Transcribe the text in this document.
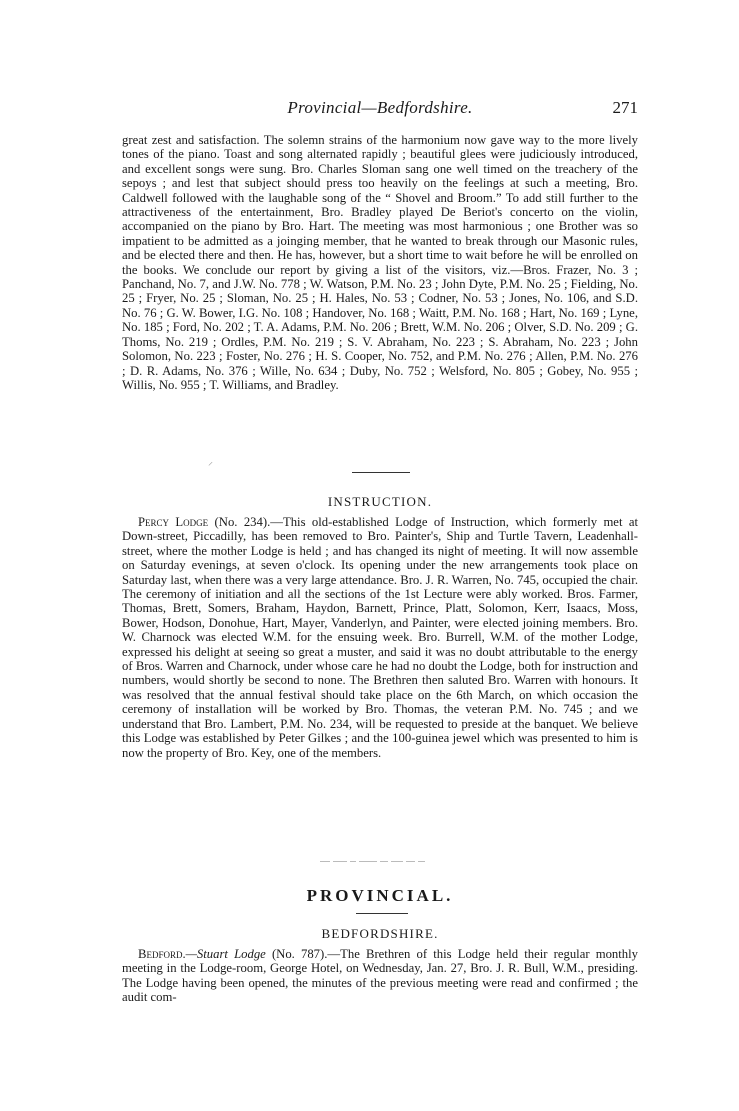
Provincial—Bedfordshire.	271

great zest and satisfaction. The solemn strains of the harmonium now gave way to the more lively tones of the piano. Toast and song alternated rapidly ; beautiful glees were judiciously introduced, and excellent songs were sung. Bro. Charles Sloman sang one well timed on the treachery of the sepoys ; and lest that subject should press too heavily on the feelings at such a meeting, Bro. Caldwell followed with the laughable song of the “ Shovel and Broom.” To add still further to the attractiveness of the entertainment, Bro. Bradley played De Beriot's concerto on the violin, accompanied on the piano by Bro. Hart. The meeting was most harmonious ; one Brother was so impatient to be admitted as a joinging member, that he wanted to break through our Masonic rules, and be elected there and then. He has, however, but a short time to wait before he will be enrolled on the books. We conclude our report by giving a list of the visitors, viz.—Bros. Frazer, No. 3 ; Panchand, No. 7, and J.W. No. 778 ; W. Watson, P.M. No. 23 ; John Dyte, P.M. No. 25 ; Fielding, No. 25 ; Fryer, No. 25 ; Sloman, No. 25 ; H. Hales, No. 53 ; Codner, No. 53 ; Jones, No. 106, and S.D. No. 76 ; G. W. Bower, I.G. No. 108 ; Handover, No. 168 ; Waitt, P.M. No. 168 ; Hart, No. 169 ; Lyne, No. 185 ; Ford, No. 202 ; T. A. Adams, P.M. No. 206 ; Brett, W.M. No. 206 ; Olver, S.D. No. 209 ; G. Thoms, No. 219 ; Ordles, P.M. No. 219 ; S. V. Abraham, No. 223 ; S. Abraham, No. 223 ; John Solomon, No. 223 ; Foster, No. 276 ; H. S. Cooper, No. 752, and P.M. No. 276 ; Allen, P.M. No. 276 ; D. R. Adams, No. 376 ; Wille, No. 634 ; Duby, No. 752 ; Welsford, No. 805 ; Gobey, No. 955 ; Willis, No. 955 ; T. Williams, and Bradley.

⸍
INSTRUCTION.

Percy Lodge (No. 234).—This old-established Lodge of Instruction, which formerly met at Down-street, Piccadilly, has been removed to Bro. Painter's, Ship and Turtle Tavern, Leadenhall-street, where the mother Lodge is held ; and has changed its night of meeting. It will now assemble on Saturday evenings, at seven o'clock. Its opening under the new arrangements took place on Saturday last, when there was a very large attendance. Bro. J. R. Warren, No. 745, occupied the chair. The ceremony of initiation and all the sections of the 1st Lecture were ably worked. Bros. Farmer, Thomas, Brett, Somers, Braham, Haydon, Barnett, Prince, Platt, Solomon, Kerr, Isaacs, Moss, Bower, Hodson, Donohue, Hart, Mayer, Vanderlyn, and Painter, were elected joining members. Bro. W. Charnock was elected W.M. for the ensuing week. Bro. Burrell, W.M. of the mother Lodge, expressed his delight at seeing so great a muster, and said it was no doubt attributable to the energy of Bros. Warren and Charnock, under whose care he had no doubt the Lodge, both for instruction and numbers, would shortly be second to none. The Brethren then saluted Bro. Warren with honours. It was resolved that the annual festival should take place on the 6th March, on which occasion the ceremony of installation will be worked by Bro. Thomas, the veteran P.M. No. 745 ; and we understand that Bro. Lambert, P.M. No. 234, will be requested to preside at the banquet. We believe this Lodge was established by Peter Gilkes ; and the 100-guinea jewel which was presented to him is now the property of Bro. Key, one of the members.

PROVINCIAL.
BEDFORDSHIRE.

Bedford.—Stuart Lodge (No. 787).—The Brethren of this Lodge held their regular monthly meeting in the Lodge-room, George Hotel, on Wednesday, Jan. 27, Bro. J. R. Bull, W.M., presiding. The Lodge having been opened, the minutes of the previous meeting were read and confirmed ; the audit com-
